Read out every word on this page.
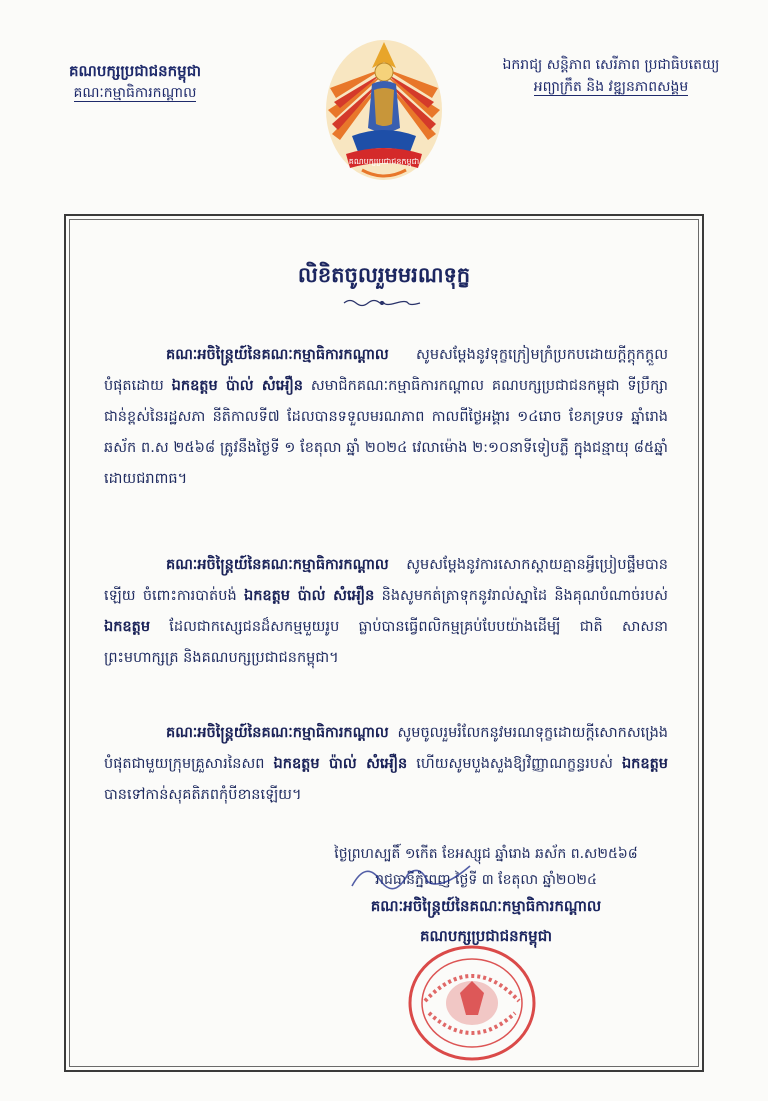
គណបក្សប្រជាជនកម្ពុជា
គណៈកម្មាធិការកណ្ដាល
គណបក្សប្រជាជនកម្ពុជា
ឯករាជ្យ សន្តិភាព សេរីភាព ប្រជាធិបតេយ្យ
អព្យាក្រឹត និង វឌ្ឍនភាពសង្គម
លិខិតចូលរួមមរណទុក្ខ
គណៈអចិន្ត្រៃយ៍នៃគណៈកម្មាធិការកណ្ដាល សូមសម្ដែងនូវទុក្ខក្រៀមក្រំប្រកបដោយក្ដីក្ដុកក្ដួលបំផុតដោយ ឯកឧត្តម ប៉ាល់ សំអឿន សមាជិកគណៈកម្មាធិការកណ្ដាល គណបក្សប្រជាជនកម្ពុជា ទីប្រឹក្សាជាន់ខ្ពស់នៃរដ្ឋសភា នីតិកាលទី៧ ដែលបានទទួលមរណភាព កាលពីថ្ងៃអង្គារ ១៤រោច ខែភទ្របទ ឆ្នាំរោង ឆស័ក ព.ស ២៥៦៨ ត្រូវនឹងថ្ងៃទី ១ ខែតុលា ឆ្នាំ ២០២៤ វេលាម៉ោង ២:១០នាទីទៀបភ្លឺ ក្នុងជន្មាយុ ៨៥ឆ្នាំ ដោយជរាពាធ។
គណៈអចិន្ត្រៃយ៍នៃគណៈកម្មាធិការកណ្ដាល សូមសម្ដែងនូវការសោកស្ដាយគ្មានអ្វីប្រៀបផ្ទឹមបានឡើយ ចំពោះការបាត់បង់ ឯកឧត្តម ប៉ាល់ សំអឿន និងសូមកត់ត្រាទុកនូវរាល់ស្នាដៃ និងគុណបំណាច់របស់ ឯកឧត្តម ដែលជាកស្សេជនដ៏សកម្មមួយរូប ធ្លាប់បានធ្វើពលិកម្មគ្រប់បែបយ៉ាងដើម្បី ជាតិ សាសនា ព្រះមហាក្សត្រ និងគណបក្សប្រជាជនកម្ពុជា។
គណៈអចិន្ត្រៃយ៍នៃគណៈកម្មាធិការកណ្ដាល សូមចូលរួមរំលែកនូវមរណទុក្ខដោយក្ដីសោកសង្រេងបំផុតជាមួយក្រុមគ្រួសារនៃសព ឯកឧត្តម ប៉ាល់ សំអឿន ហើយសូមបួងសួងឱ្យវិញ្ញាណក្ខន្ធរបស់ ឯកឧត្តម បានទៅកាន់សុគតិភពកុំបីខានឡើយ។
ថ្ងៃព្រហស្បតិ៍ ១កើត ខែអស្សុជ ឆ្នាំរោង ឆស័ក ព.ស២៥៦៨
រាជធានីភ្នំពេញ ថ្ងៃទី ៣ ខែតុលា ឆ្នាំ២០២៤
គណៈអចិន្ត្រៃយ៍នៃគណៈកម្មាធិការកណ្ដាល
គណបក្សប្រជាជនកម្ពុជា
